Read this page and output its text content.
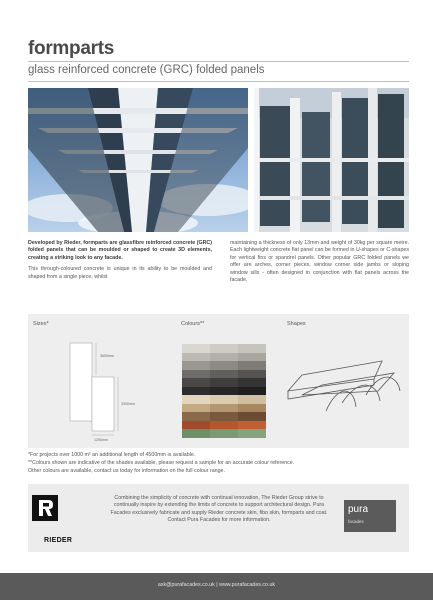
formparts
glass reinforced concrete (GRC) folded panels

Developed by Rieder, formparts are glassfibre reinforced concrete (GRC) folded panels that can be moulded or shaped to create 3D elements, creating a striking look to any facade.

This through-coloured concrete is unique in its ability to be moulded and shaped from a single piece, whilst

maintaining a thickness of only 13mm and weight of 30kg per square metre. Each lightweight concrete flat panel can be formed in U-shapes or C-shapes for vertical fins or spandrel panels. Other popular GRC folded panels we offer are arches, corner pieces, window corner side jambs or sloping window sills - often designed in conjunction with flat panels across the facade.

Sizes*	Colours**	Shapes
3600mm
3300mm
1200mm
*For projects over 1000 m² an additional length of 4500mm is available.
**Colours shown are indicative of the shades available, please request a sample for an accurate colour reference.
Other colours are available, contact us today for information on the full colour range.
RIEDER

Combining the simplicity of concrete with continual innovation, The Rieder Group strive to continually inspire by extending the limits of concrete to support architectural design. Pura Facades exclusively fabricate and supply Rieder concrete skin, fibo skin, formparts and coat. Contact Pura Facades for more information.

pura
facades
ask@purafacades.co.uk | www.purafacades.co.uk
